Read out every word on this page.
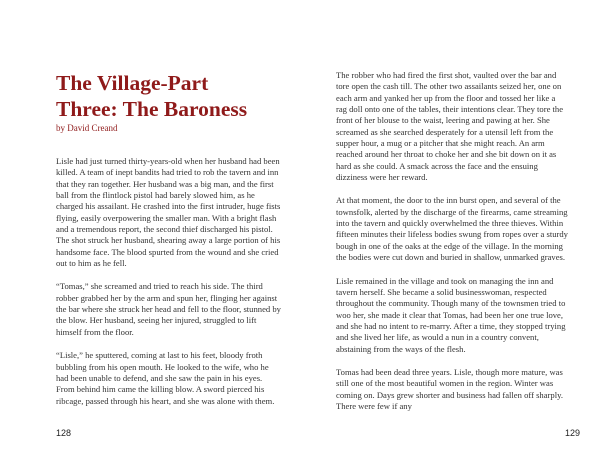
The Village-Part
Three: The Baroness
by David Creand

Lisle had just turned thirty-years-old when her husband had been killed. A team of inept bandits had tried to rob the tavern and inn that they ran together. Her husband was a big man, and the first ball from the flintlock pistol had barely slowed him, as he charged his assailant. He crashed into the first intruder, huge fists flying, easily overpowering the smaller man. With a bright flash and a tremendous report, the second thief discharged his pistol. The shot struck her husband, shearing away a large portion of his handsome face. The blood spurted from the wound and she cried out to him as he fell.

“Tomas,” she screamed and tried to reach his side. The third robber grabbed her by the arm and spun her, flinging her against the bar where she struck her head and fell to the floor, stunned by the blow. Her husband, seeing her injured, struggled to lift himself from the floor.

“Lisle,” he sputtered, coming at last to his feet, bloody froth bubbling from his open mouth. He looked to the wife, who he had been unable to defend, and she saw the pain in his eyes. From behind him came the killing blow. A sword pierced his ribcage, passed through his heart, and she was alone with them.

128

The robber who had fired the first shot, vaulted over the bar and tore open the cash till. The other two assailants seized her, one on each arm and yanked her up from the floor and tossed her like a rag doll onto one of the tables, their intentions clear. They tore the front of her blouse to the waist, leering and pawing at her. She screamed as she searched desperately for a utensil left from the supper hour, a mug or a pitcher that she might reach. An arm reached around her throat to choke her and she bit down on it as hard as she could. A smack across the face and the ensuing dizziness were her reward.

At that moment, the door to the inn burst open, and several of the townsfolk, alerted by the discharge of the firearms, came streaming into the tavern and quickly overwhelmed the three thieves. Within fifteen minutes their lifeless bodies swung from ropes over a sturdy bough in one of the oaks at the edge of the village. In the morning the bodies were cut down and buried in shallow, unmarked graves.

Lisle remained in the village and took on managing the inn and tavern herself. She became a solid businesswoman, respected throughout the community. Though many of the townsmen tried to woo her, she made it clear that Tomas, had been her one true love, and she had no intent to re-marry. After a time, they stopped trying and she lived her life, as would a nun in a country convent, abstaining from the ways of the flesh.

Tomas had been dead three years. Lisle, though more mature, was still one of the most beautiful women in the region. Winter was coming on. Days grew shorter and business had fallen off sharply. There were few if any

129
